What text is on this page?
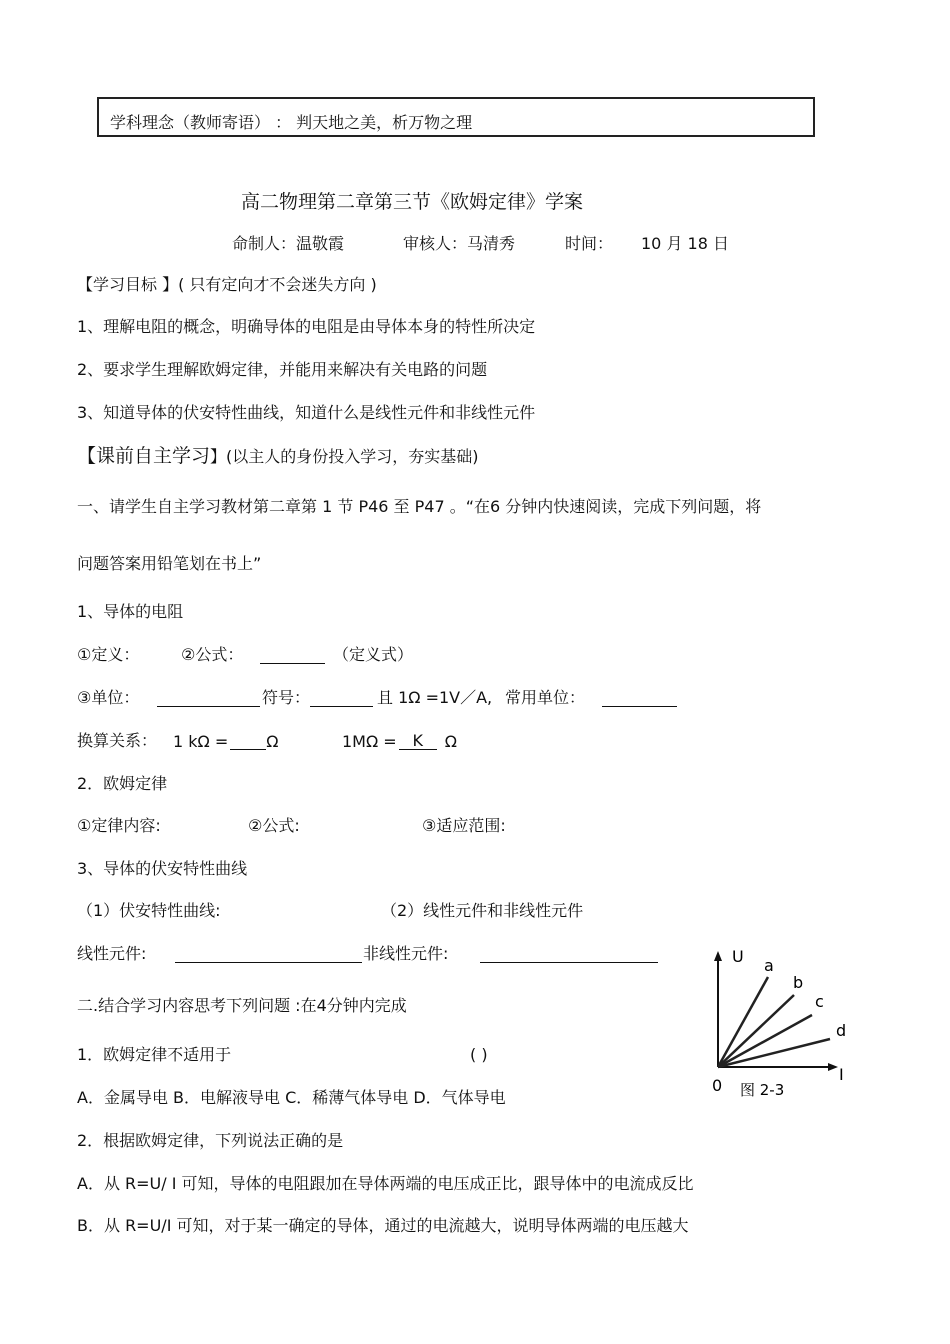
学科理念（教师寄语） ： 判天地之美，析万物之理
高二物理第二章第三节《欧姆定律》学案
命制人：温敬霞	审核人：马清秀	时间： 10 月 18 日
【学习目标 】( 只有定向才不会迷失方向 )
1、理解电阻的概念，明确导体的电阻是由导体本身的特性所决定
2、要求学生理解欧姆定律，并能用来解决有关电路的问题
3、知道导体的伏安特性曲线，知道什么是线性元件和非线性元件
【课前自主学习】(以主人的身份投入学习，夯实基础)
一、请学生自主学习教材第二章第 1 节 P46 至 P47 。“在6 分钟内快速阅读，完成下列问题，将
问题答案用铅笔划在书上”
1、导体的电阻
①定义：	②公式：	（定义式）
③单位：	符号：	且 1Ω =1V／A, 常用单位：
换算关系： 1 kΩ = Ω	1MΩ = K Ω
2．欧姆定律
①定律内容:	②公式:	③适应范围:
3、导体的伏安特性曲线
（1）伏安特性曲线:	（2）线性元件和非线性元件
线性元件:	非线性元件:
二.结合学习内容思考下列问题 :在4分钟内完成
1．欧姆定律不适用于	( )
A．金属导电 B．电解液导电 C．稀薄气体导电 D．气体导电
2．根据欧姆定律，下列说法正确的是
A．从 R=U/ I 可知，导体的电阻跟加在导体两端的电压成正比，跟导体中的电流成反比
B．从 R=U/I 可知，对于某一确定的导体，通过的电流越大，说明导体两端的电压越大
U
I
0 图 2-3
a
b
c
d
